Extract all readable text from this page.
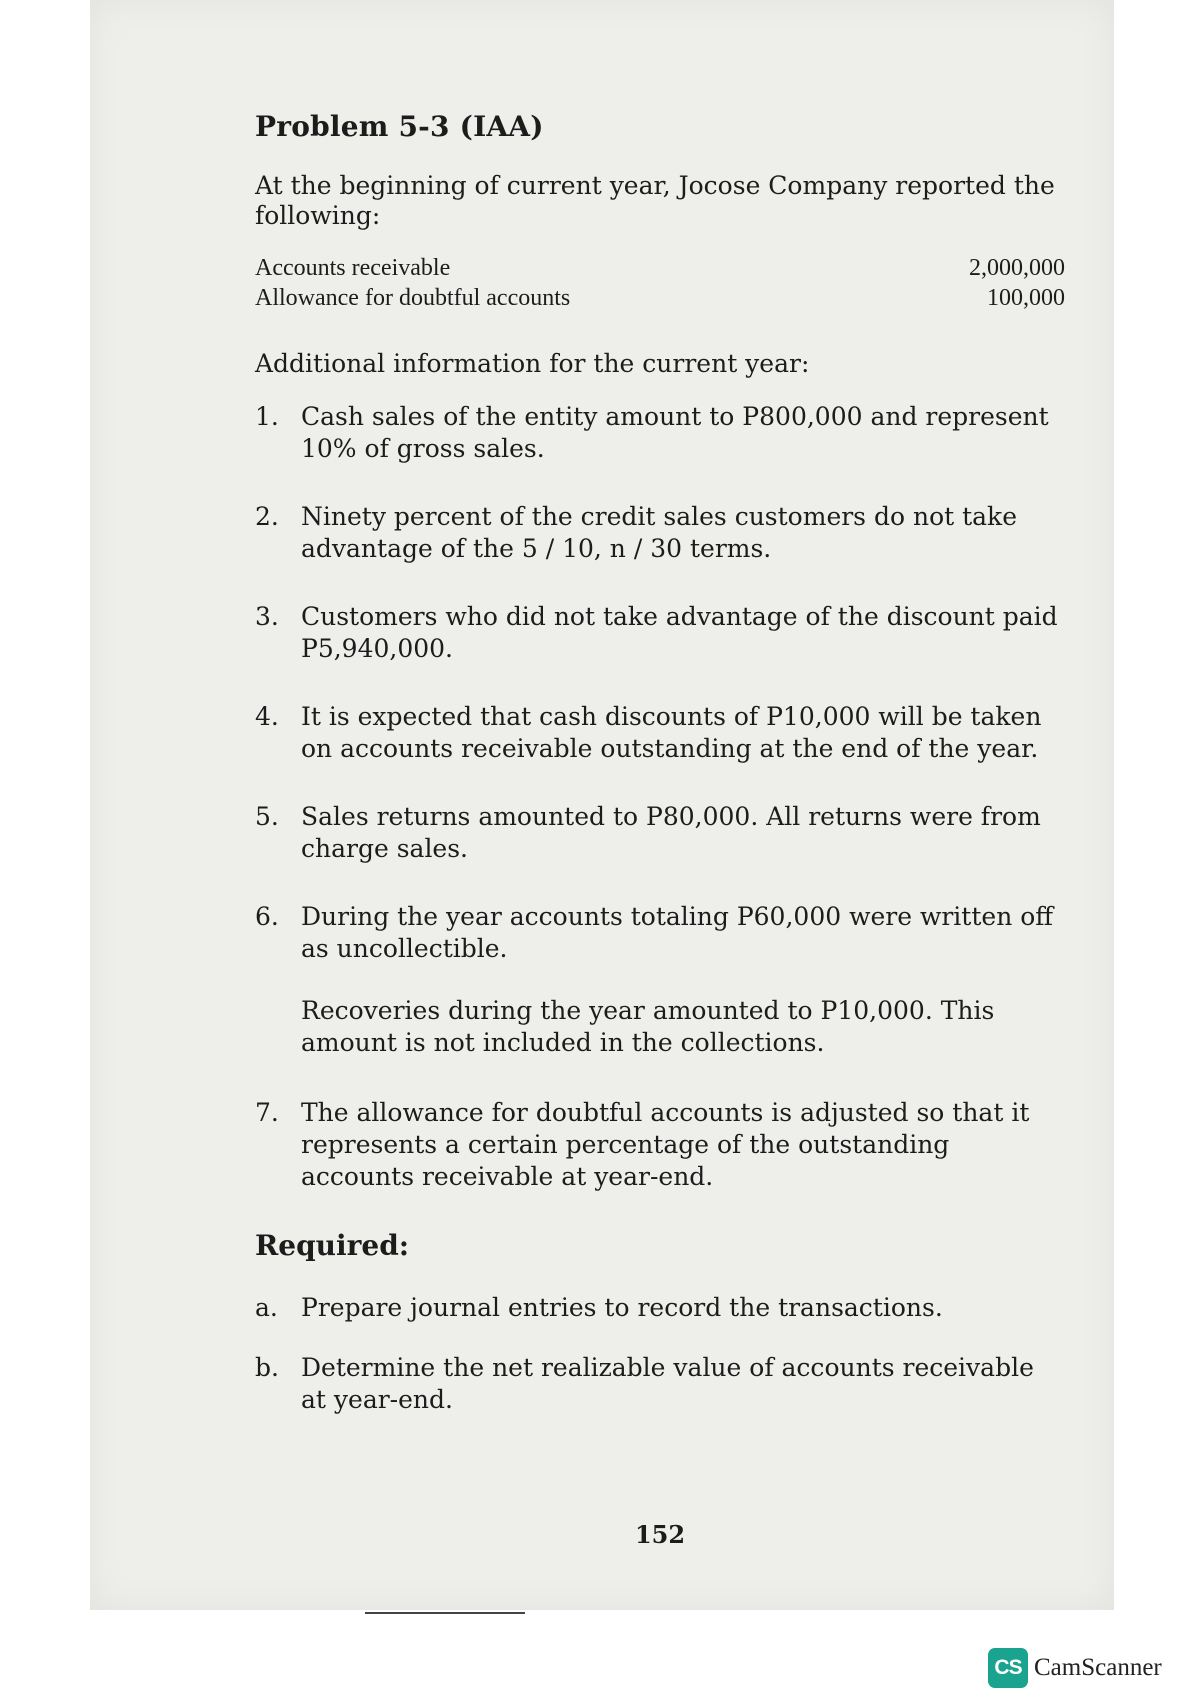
Problem 5-3 (IAA)

At the beginning of current year, Jocose Company reported the following:

Accounts receivable	2,000,000
Allowance for doubtful accounts	100,000

Additional information for the current year:

1. Cash sales of the entity amount to P800,000 and represent 10% of gross sales.
2. Ninety percent of the credit sales customers do not take advantage of the 5 / 10, n / 30 terms.
3. Customers who did not take advantage of the discount paid P5,940,000.
4. It is expected that cash discounts of P10,000 will be taken on accounts receivable outstanding at the end of the year.
5. Sales returns amounted to P80,000. All returns were from charge sales.
6. During the year accounts totaling P60,000 were written off as uncollectible.

Recoveries during the year amounted to P10,000. This amount is not included in the collections.

7. The allowance for doubtful accounts is adjusted so that it represents a certain percentage of the outstanding accounts receivable at year-end.
Required:
a. Prepare journal entries to record the transactions.
b. Determine the net realizable value of accounts receivable at year-end.
152
CS CamScanner
